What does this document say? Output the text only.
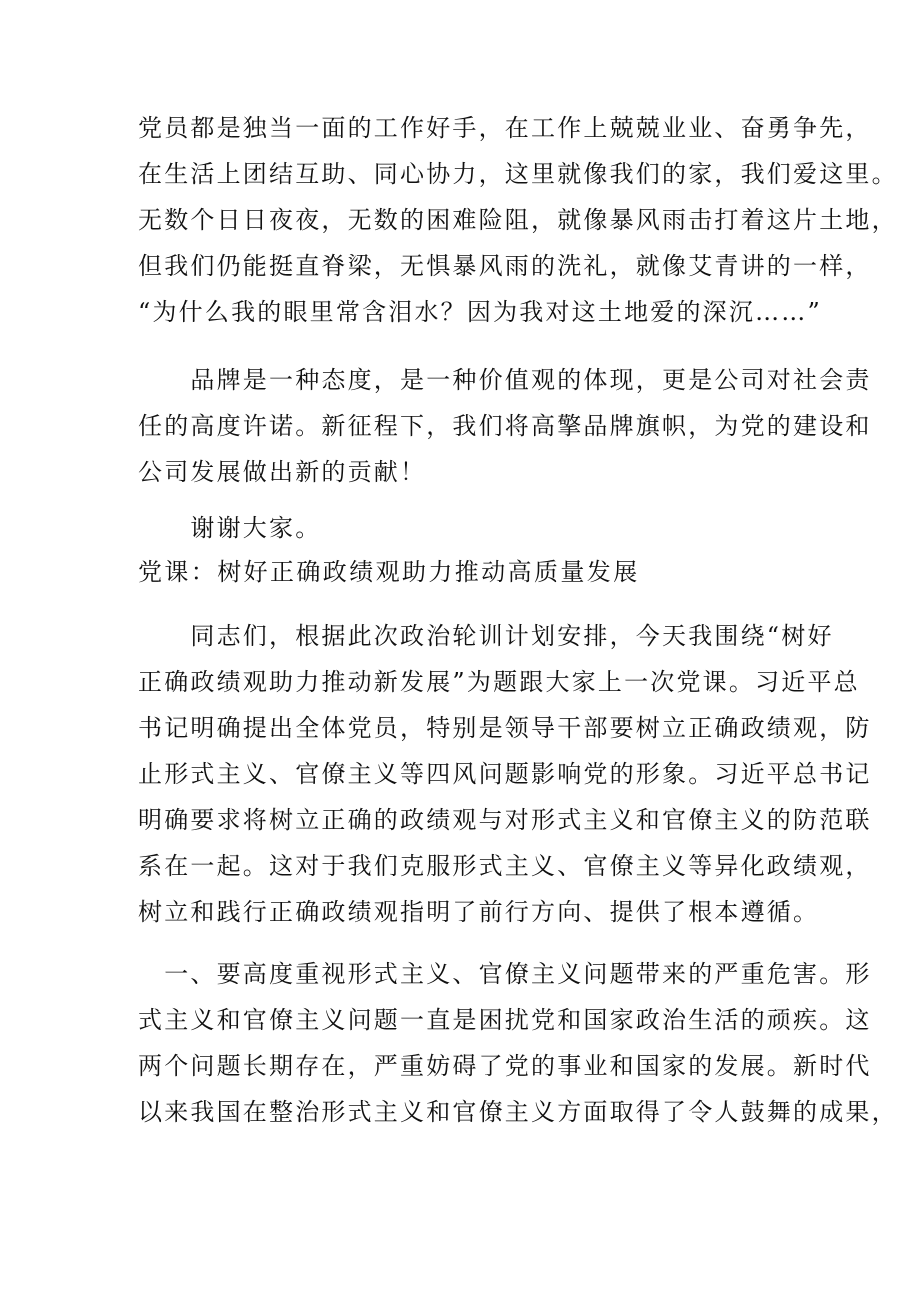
党员都是独当一面的工作好手，在工作上兢兢业业、奋勇争先，
在生活上团结互助、同心协力，这里就像我们的家，我们爱这里。
无数个日日夜夜，无数的困难险阻，就像暴风雨击打着这片土地，
但我们仍能挺直脊梁，无惧暴风雨的洗礼，就像艾青讲的一样，
“为什么我的眼里常含泪水？因为我对这土地爱的深沉……”
　　品牌是一种态度，是一种价值观的体现，更是公司对社会责
任的高度许诺。新征程下，我们将高擎品牌旗帜，为党的建设和
公司发展做出新的贡献！
　　谢谢大家。
党课：树好正确政绩观助力推动高质量发展
　　同志们，根据此次政治轮训计划安排，今天我围绕“树好
正确政绩观助力推动新发展”为题跟大家上一次党课。习近平总
书记明确提出全体党员，特别是领导干部要树立正确政绩观，防
止形式主义、官僚主义等四风问题影响党的形象。习近平总书记
明确要求将树立正确的政绩观与对形式主义和官僚主义的防范联
系在一起。这对于我们克服形式主义、官僚主义等异化政绩观，
树立和践行正确政绩观指明了前行方向、提供了根本遵循。
　一、要高度重视形式主义、官僚主义问题带来的严重危害。形
式主义和官僚主义问题一直是困扰党和国家政治生活的顽疾。这
两个问题长期存在，严重妨碍了党的事业和国家的发展。新时代
以来我国在整治形式主义和官僚主义方面取得了令人鼓舞的成果，
